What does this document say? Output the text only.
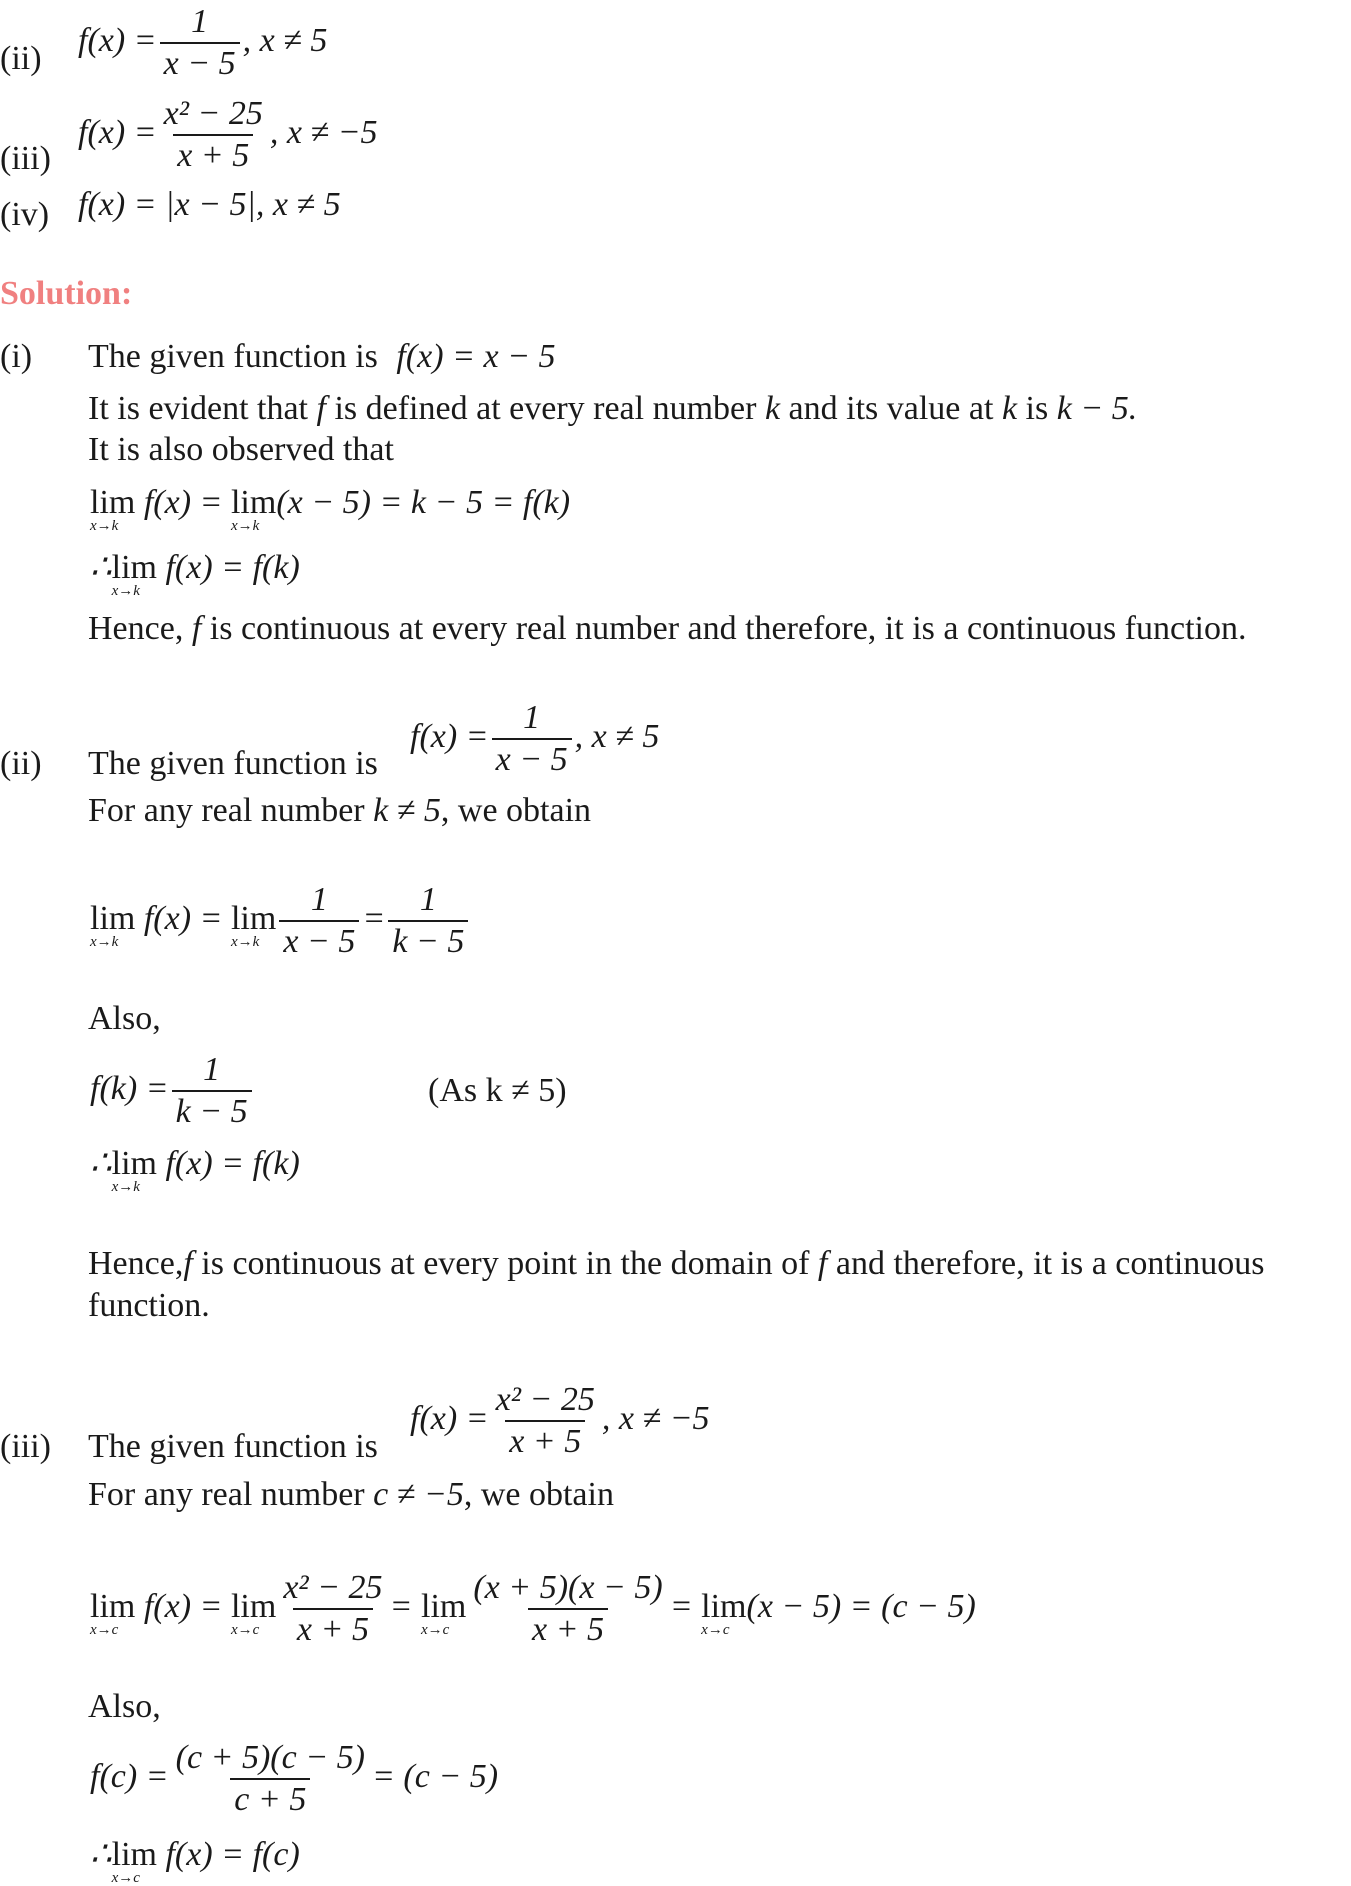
(ii) $f(x) = \frac{1}{x - 5}$ , x ≠ 5
(iii)
$f(x) = \frac{\text{x² − 25}}{x + 5}$ , x ≠ −5
(iv) f(x) = |x − 5|, x ≠ 5
Solution:
(i) The given function is f(x) = x − 5
It is evident that f is defined at every real number k and its value at k is k − 5.
It is also observed that
lim
x→k
f(x) = lim
x→k
(x − 5) = k − 5 = f(k)
∴lim
x→k
f(x) = f(k)
Hence, f is continuous at every real number and therefore, it is a continuous function.
(ii) The given function is
$f(x) = \frac{1}{x - 5}$ , x ≠ 5
For any real number k ≠ 5, we obtain
lim
x→k
f(x) = lim
$x\to k \frac{1}{x - 5} = \frac{1}{k - 5}$
Also,
$f(k) = \frac{1}{k - 5}$	(As k ≠ 5)
∴lim
x→k
f(x) = f(k)
Hence,f is continuous at every point in the domain of f and therefore, it is a continuous
function.
(iii) The given function is
$f(x) = \frac{\text{x² − 25}}{x + 5}$ , x ≠ −5
For any real number c ≠ −5, we obtain
lim
x→c
f(x) = lim
$x\to c \frac{\text{x² − 25}}{x + 5} = \lim$
$x\to c \frac{(x + 5)(x - 5)}{x + 5} = \lim$
x→c
(x − 5) = (c − 5)
Also,
$f(c) = \frac{(c + 5)(c - 5)}{c + 5} = (c - 5)$
∴lim
x→c
f(x) = f(c)
